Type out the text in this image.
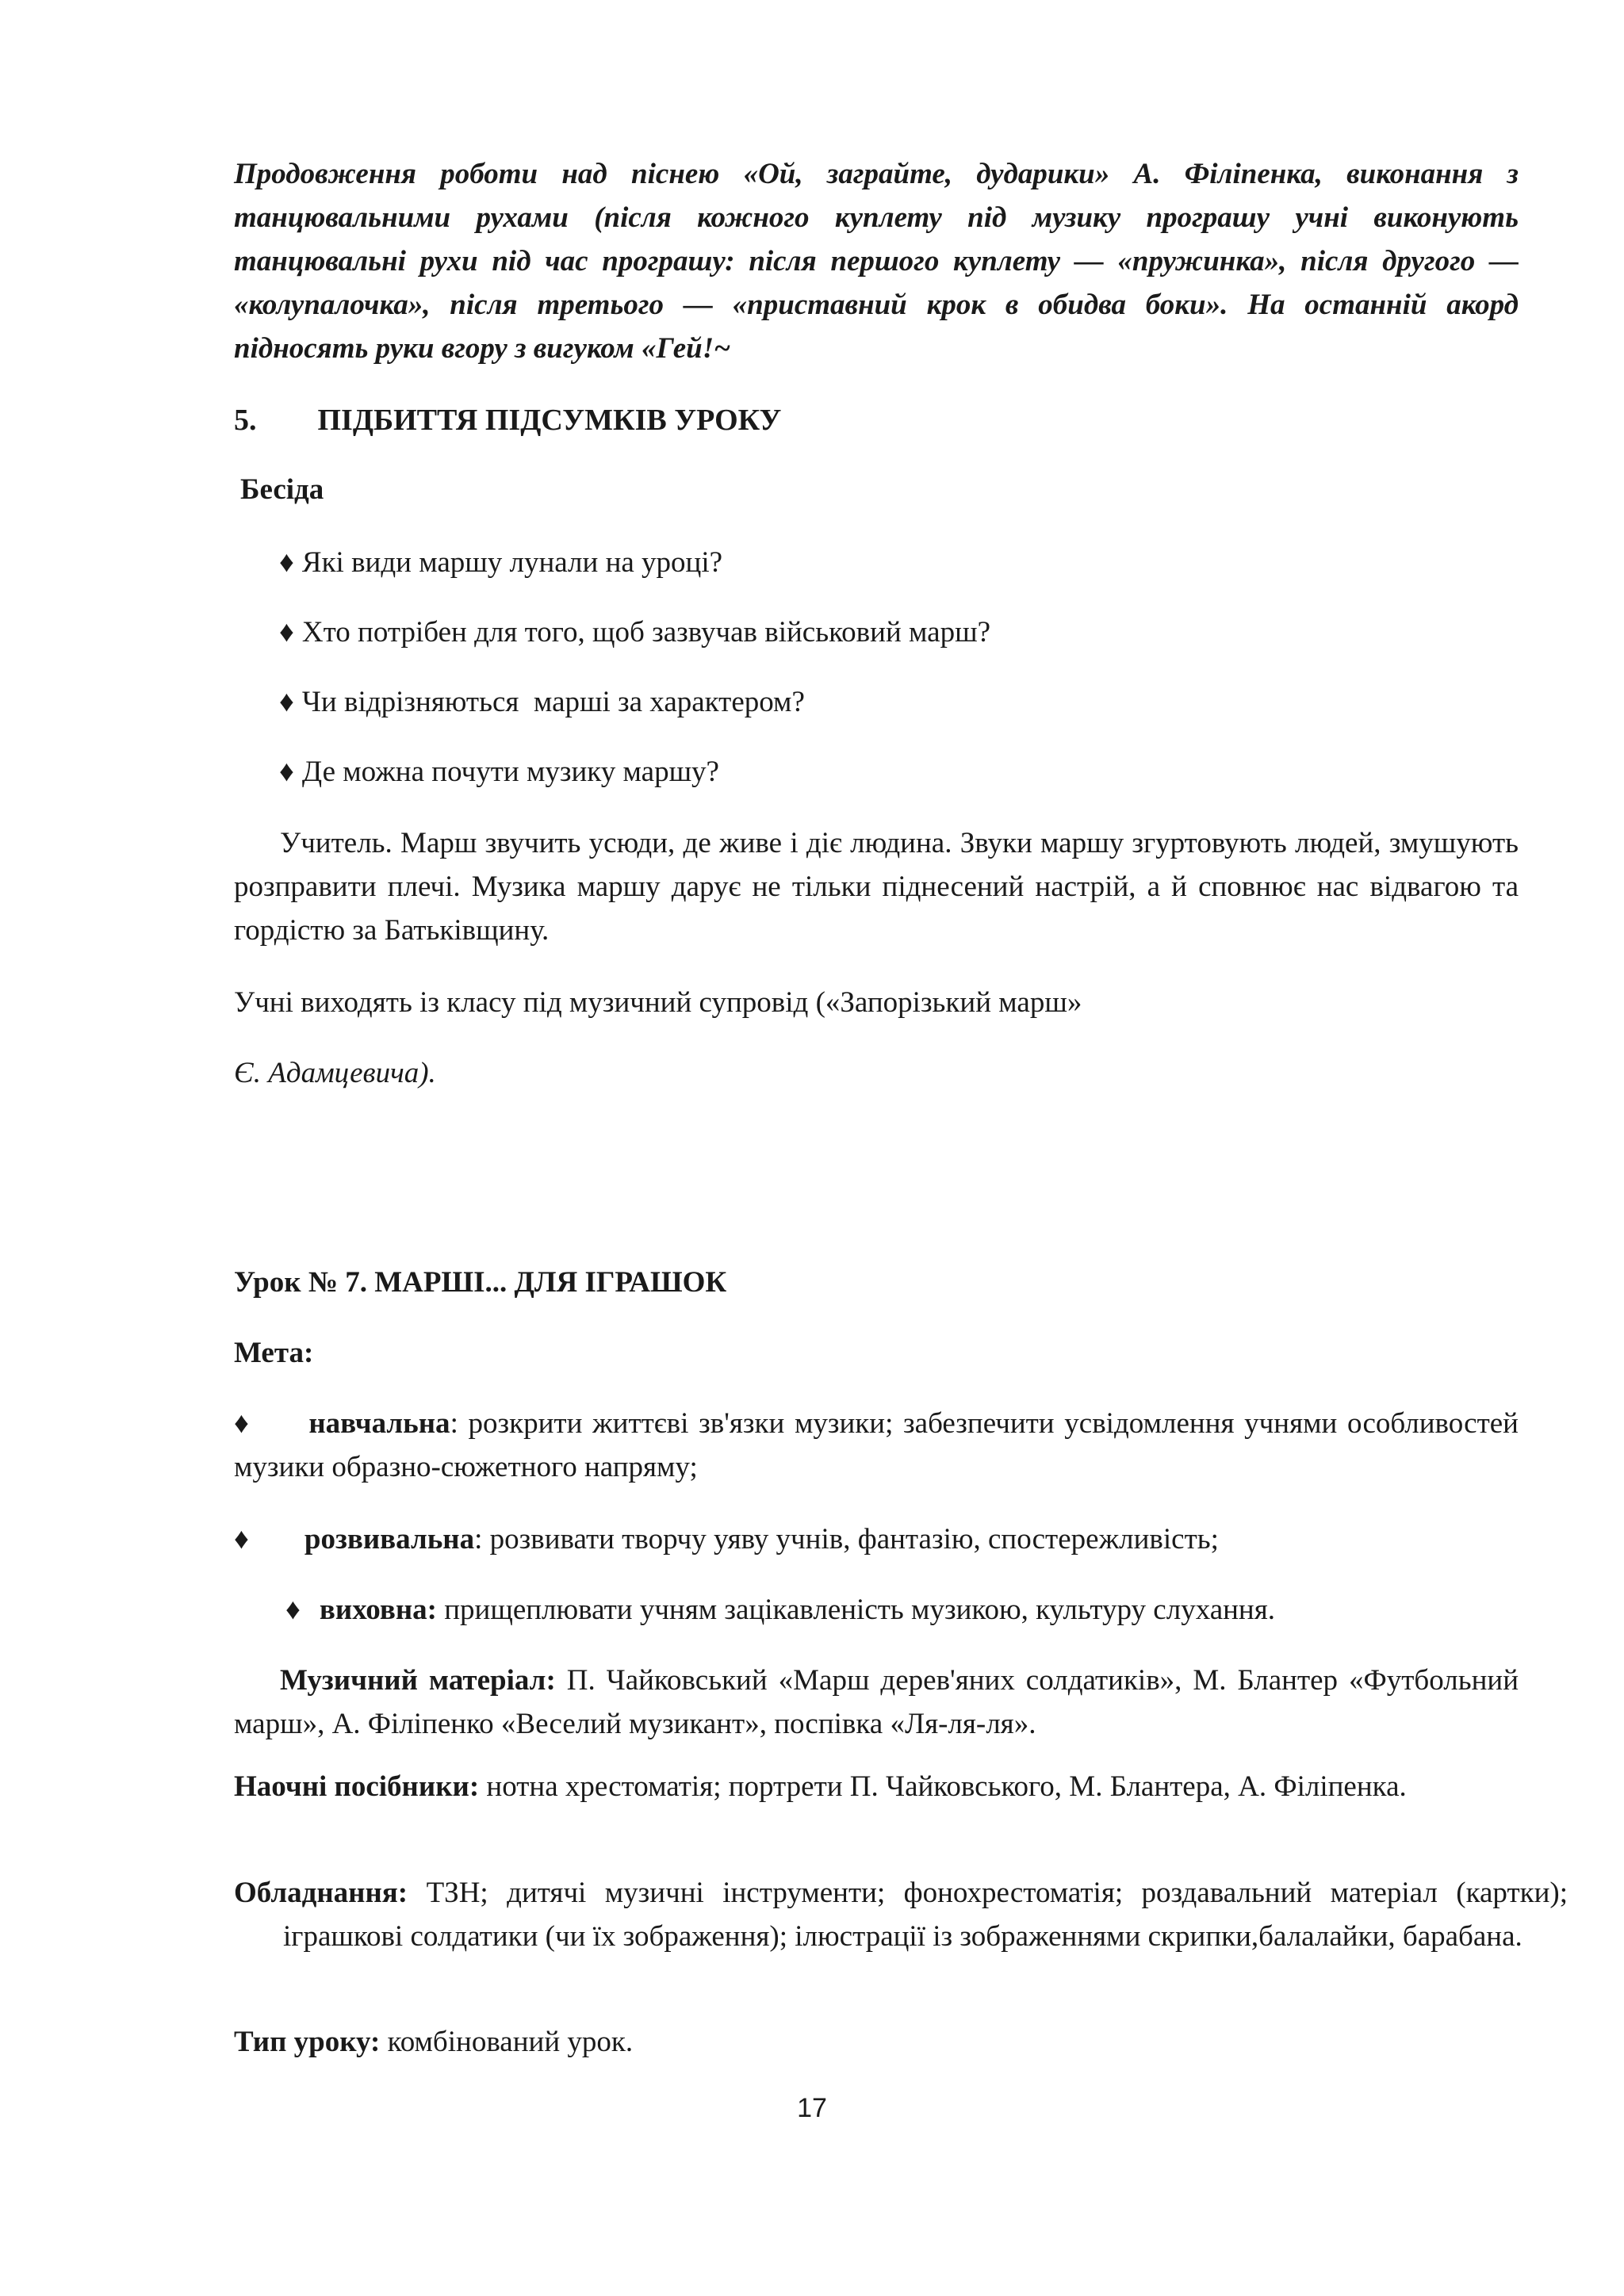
Продовження роботи над піснею «Ой, заграйте, дударики» А. Філіпенка, виконання з танцювальними рухами (після кожного куплету під музику програшу учні виконують танцювальні рухи під час програшу: після першого куплету — «пружинка», після другого — «колупалочка», після третього — «приставний крок в обидва боки». На останній акорд підносять руки вгору з вигуком «Гей!~

5. ПІДБИТТЯ ПІДСУМКІВ УРОКУ
Бесіда
♦ Які види маршу лунали на уроці?
♦ Хто потрібен для того, щоб зазвучав військовий марш?
♦ Чи відрізняються  марші за характером?
♦ Де можна почути музику маршу?

Учитель. Марш звучить усюди, де живе і діє людина. Звуки маршу згуртовують людей, змушують розправити плечі. Музика маршу дарує не тільки піднесений настрій, а й сповнює нас відвагою та гордістю за Батьківщину.

Учні виходять із класу під музичний супровід («Запорізький марш»
Є. Адамцевича).
Урок № 7. МАРШІ... ДЛЯ ІГРАШОК
Мета:
♦ навчальна: розкрити життєві зв'язки музики; забезпечити усвідомлення учнями особливостей музики образно-сюжетного напряму;
♦ розвивальна: розвивати творчу уяву учнів, фантазію, спостережливість;
♦ виховна: прищеплювати учням зацікавленість музикою, культуру слухання.

Музичний матеріал: П. Чайковський «Марш дерев'яних солдатиків», М. Блантер «Футбольний марш», А. Філіпенко «Веселий музикант», поспівка «Ля-ля-ля».

Наочні посібники: нотна хрестоматія; портрети П. Чайковського, М. Блантера, А. Філіпенка.

Обладнання: ТЗН; дитячі музичні інструменти; фонохрестоматія; роздавальний матеріал (картки); іграшкові солдатики (чи їх зображення); ілюстрації із зображеннями скрипки,балалайки, барабана.

Тип уроку: комбінований урок.
17
